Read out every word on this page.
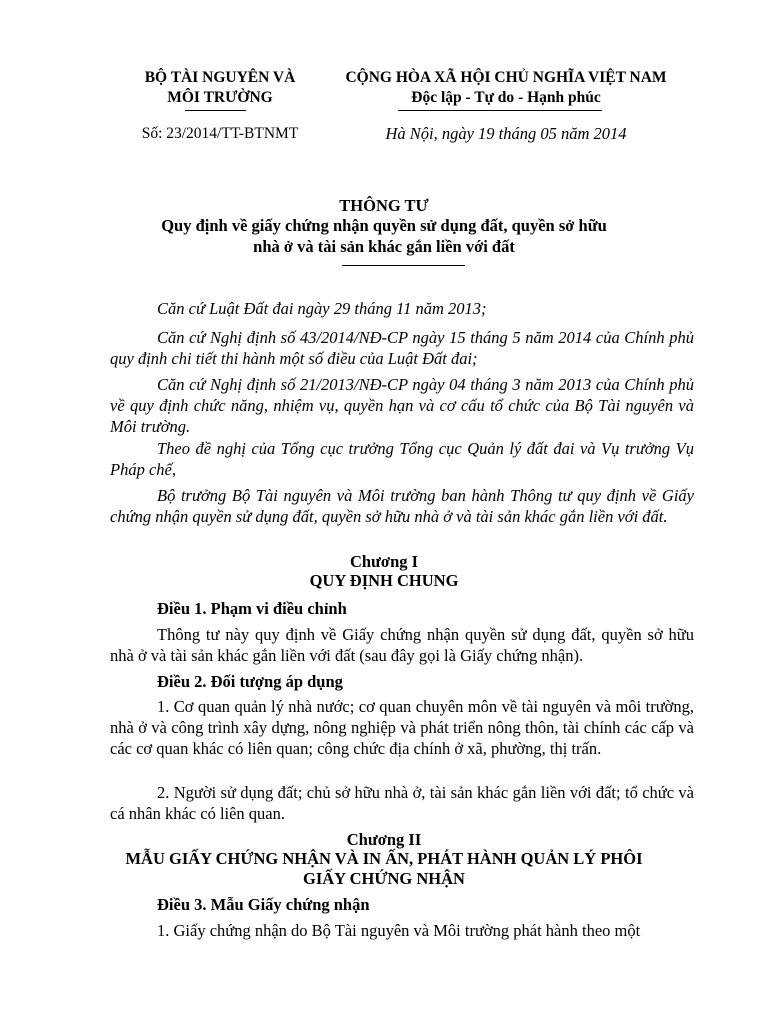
BỘ TÀI NGUYÊN VÀ
MÔI TRƯỜNG
CỘNG HÒA XÃ HỘI CHỦ NGHĨA VIỆT NAM
Độc lập - Tự do - Hạnh phúc
Số: 23/2014/TT-BTNMT	Hà Nội, ngày 19 tháng 05 năm 2014
THÔNG TƯ
Quy định về giấy chứng nhận quyền sử dụng đất, quyền sở hữu
nhà ở và tài sản khác gắn liền với đất
Căn cứ Luật Đất đai ngày 29 tháng 11 năm 2013;
Căn cứ Nghị định số 43/2014/NĐ-CP ngày 15 tháng 5 năm 2014 của Chính phủ quy định chi tiết thi hành một số điều của Luật Đất đai;
Căn cứ Nghị định số 21/2013/NĐ-CP ngày 04 tháng 3 năm 2013 của Chính phủ về quy định chức năng, nhiệm vụ, quyền hạn và cơ cấu tổ chức của Bộ Tài nguyên và Môi trường.
Theo đề nghị của Tổng cục trưởng Tổng cục Quản lý đất đai và Vụ trưởng Vụ Pháp chế,
Bộ trưởng Bộ Tài nguyên và Môi trường ban hành Thông tư quy định về Giấy chứng nhận quyền sử dụng đất, quyền sở hữu nhà ở và tài sản khác gắn liền với đất.
Chương I
QUY ĐỊNH CHUNG
Điều 1. Phạm vi điều chỉnh
Thông tư này quy định về Giấy chứng nhận quyền sử dụng đất, quyền sở hữu nhà ở và tài sản khác gắn liền với đất (sau đây gọi là Giấy chứng nhận).
Điều 2. Đối tượng áp dụng
1. Cơ quan quản lý nhà nước; cơ quan chuyên môn về tài nguyên và môi trường, nhà ở và công trình xây dựng, nông nghiệp và phát triển nông thôn, tài chính các cấp và các cơ quan khác có liên quan; công chức địa chính ở xã, phường, thị trấn.
2. Người sử dụng đất; chủ sở hữu nhà ở, tài sản khác gắn liền với đất; tổ chức và cá nhân khác có liên quan.
Chương II
MẪU GIẤY CHỨNG NHẬN VÀ IN ẤN, PHÁT HÀNH QUẢN LÝ PHÔI
GIẤY CHỨNG NHẬN
Điều 3. Mẫu Giấy chứng nhận
1. Giấy chứng nhận do Bộ Tài nguyên và Môi trường phát hành theo một
